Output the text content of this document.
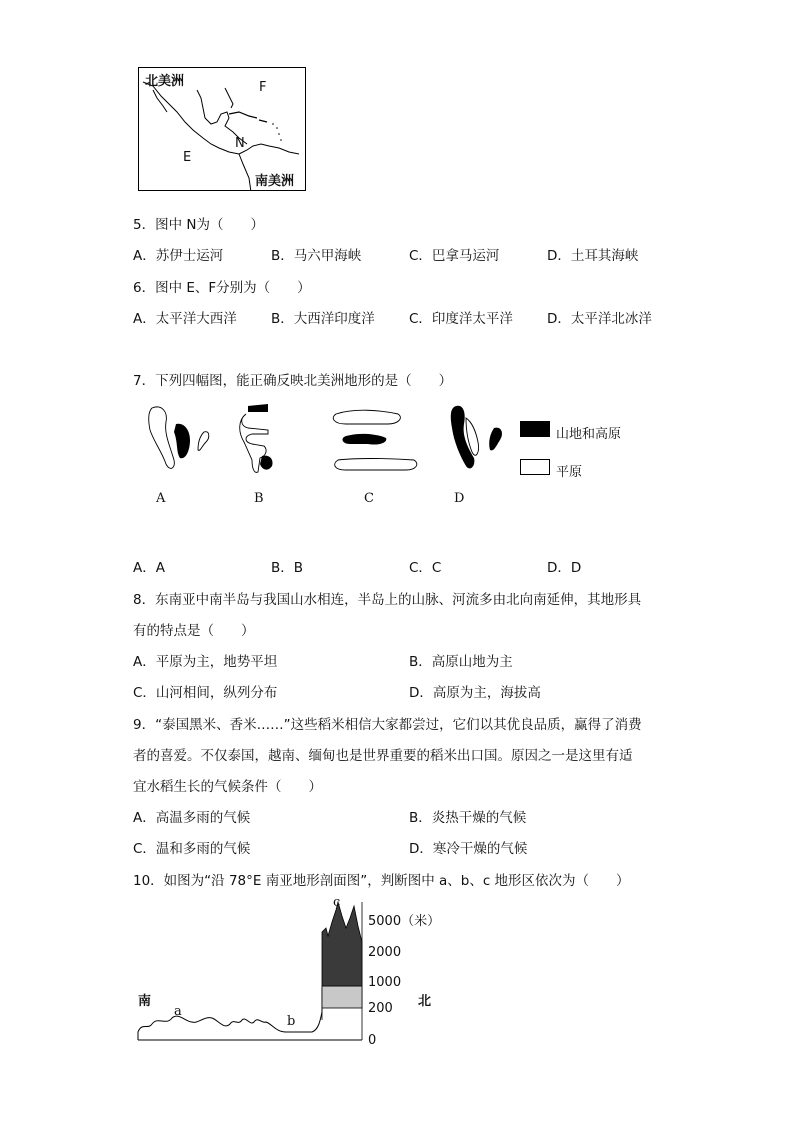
北美洲	F
E
N
南美洲
5．图中 N为（　　）
A．苏伊士运河	B．马六甲海峡	C．巴拿马运河	D．土耳其海峡
6．图中 E、F分别为（　　）
A．太平洋大西洋	B．大西洋印度洋	C．印度洋太平洋	D．太平洋北冰洋
7．下列四幅图，能正确反映北美洲地形的是（　　）
山地和高原
平原
A	B	C	D
A．A	B．B	C．C	D．D
8．东南亚中南半岛与我国山水相连，半岛上的山脉、河流多由北向南延伸，其地形具
有的特点是（　　）
A．平原为主，地势平坦	B．高原山地为主
C．山河相间，纵列分布	D．高原为主，海拔高
9．“泰国黑米、香米……”这些稻米相信大家都尝过，它们以其优良品质，赢得了消费
者的喜爱。不仅泰国，越南、缅甸也是世界重要的稻米出口国。原因之一是这里有适
宜水稻生长的气候条件（　　）
A．高温多雨的气候	B．炎热干燥的气候
C．温和多雨的气候	D．寒冷干燥的气候
10．如图为“沿 78°E 南亚地形剖面图”，判断图中 a、b、c 地形区依次为（　　）
南	北
a
b
c
5000（米）
2000
1000
200
0
